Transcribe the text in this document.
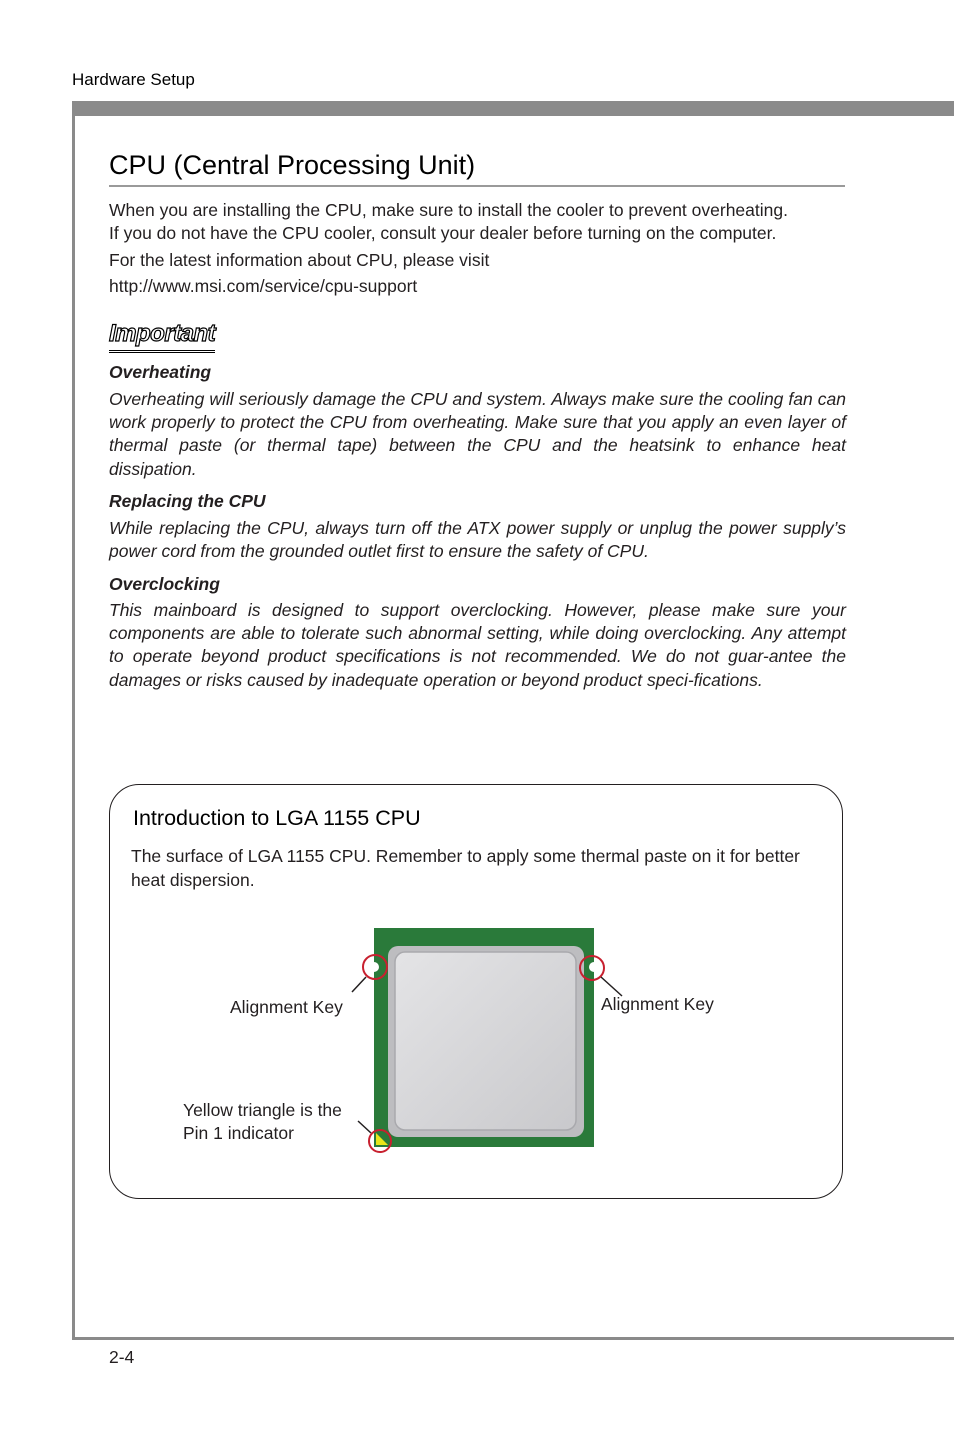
Hardware Setup
CPU (Central Processing Unit)
When you are installing the CPU, make sure to install the cooler to prevent overheating.
If you do not have the CPU cooler, consult your dealer before turning on the computer.
For the latest information about CPU, please visit
http://www.msi.com/service/cpu-support
Important
Overheating
Overheating will seriously damage the CPU and system. Always make sure the cooling fan can work properly to protect the CPU from overheating. Make sure that you apply an even layer of thermal paste (or thermal tape) between the CPU and the heatsink to enhance heat dissipation.
Replacing the CPU
While replacing the CPU, always turn off the ATX power supply or unplug the power supply’s power cord from the grounded outlet first to ensure the safety of CPU.
Overclocking
This mainboard is designed to support overclocking. However, please make sure your components are able to tolerate such abnormal setting, while doing overclocking. Any attempt to operate beyond product specifications is not recommended. We do not guar-antee the damages or risks caused by inadequate operation or beyond product speci-fications.
Introduction to LGA 1155 CPU
The surface of LGA 1155 CPU. Remember to apply some thermal paste on it for better heat dispersion.
Alignment Key	Alignment Key
Yellow triangle is the
Pin 1 indicator
2-4
